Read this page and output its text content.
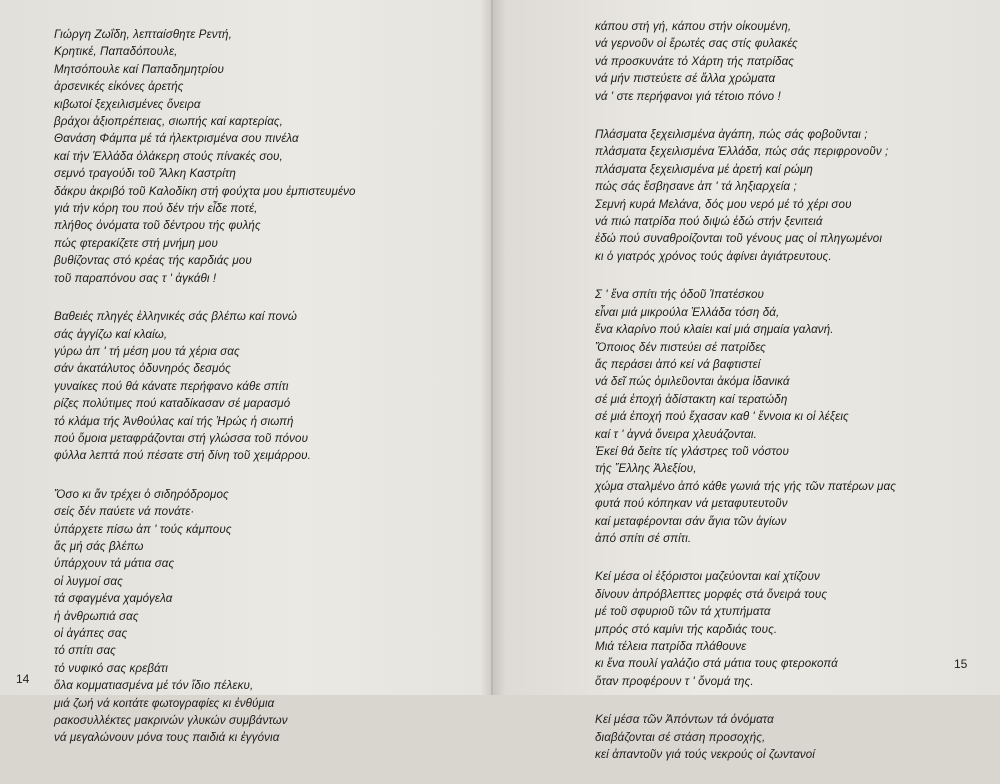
Γιώργη Ζωΐδη, λεπταίσθητε Ρεντή,
Κρητικέ, Παπαδόπουλε,
Μητσόπουλε καί Παπαδημητρίου
ἀρσενικές εἰκόνες ἀρετής
κιβωτοί ξεχειλισμένες ὄνειρα
βράχοι ἀξιοπρέπειας, σιωπής καί καρτερίας,
Θανάση Φάμπα μέ τά ἠλεκτρισμένα σου πινέλα
καί τήν Ἑλλάδα ὁλάκερη στούς πίνακές σου,
σεμνό τραγούδι τοῦ Ἄλκη Καστρίτη
δάκρυ ἀκριβό τοῦ Καλοδίκη στή φούχτα μου ἐμπιστευμένο
γιά τήν κόρη του πού δέν τήν εἶδε ποτέ,
πλήθος ὀνόματα τοῦ δέντρου τής φυλής
πώς φτερακίζετε στή μνήμη μου
βυθίζοντας στό κρέας τής καρδιάς μου
τοῦ παραπόνου σας τ ' ἀγκάθι !
Βαθειές πληγές ἑλληνικές σάς βλέπω καί πονώ
σάς ἀγγίζω καί κλαίω,
γύρω ἀπ ' τή μέση μου τά χέρια σας
σάν ἀκατάλυτος ὀδυνηρός δεσμός
γυναίκες πού θά κάνατε περήφανο κάθε σπίτι
ρίζες πολύτιμες πού καταδίκασαν σέ μαρασμό
τό κλάμα τής Ἀνθούλας καί τής Ἡρώς ἡ σιωπή
πού ὅμοια μεταφράζονται στή γλώσσα τοῦ πόνου
φύλλα λεπτά πού πέσατε στή δίνη τοῦ χειμάρρου.
Ὅσο κι ἄν τρέχει ὁ σιδηρόδρομος
σείς δέν παύετε νά πονάτε·
ὑπάρχετε πίσω ἀπ ' τούς κάμπους
ἄς μή σάς βλέπω
ὑπάρχουν τά μάτια σας
οἱ λυγμοί σας
τά σφαγμένα χαμόγελα
ἡ ἀνθρωπιά σας
οἱ ἀγάπες σας
τό σπίτι σας
τό νυφικό σας κρεβάτι
ὅλα κομματιασμένα μέ τόν ἴδιο πέλεκυ,
μιά ζωή νά κοιτάτε φωτογραφίες κι ἐνθύμια
ρακοσυλλέκτες μακρινών γλυκών συμβάντων
νά μεγαλώνουν μόνα τους παιδιά κι ἐγγόνια
14
κάπου στή γή, κάπου στήν οἰκουμένη,
νά γερνοῦν οἱ ἔρωτές σας στίς φυλακές
νά προσκυνάτε τό Χάρτη τής πατρίδας
νά μήν πιστεύετε σέ ἄλλα χρώματα
νά ' στε περήφανοι γιά τέτοιο πόνο !
Πλάσματα ξεχειλισμένα ἀγάπη, πώς σάς φοβοῦνται ;
πλάσματα ξεχειλισμένα Ἑλλάδα, πώς σάς περιφρονοῦν ;
πλάσματα ξεχειλισμένα μέ ἀρετή καί ρώμη
πώς σάς ἔσβησανε ἀπ ' τά ληξιαρχεία ;
Σεμνή κυρά Μελάνα, δός μου νερό μέ τό χέρι σου
νά πιώ πατρίδα πού διψώ ἐδώ στήν ξενιτειά
ἐδώ πού συναθροίζονται τοῦ γένους μας οἱ πληγωμένοι
κι ὁ γιατρός χρόνος τούς ἀφίνει ἀγιάτρευτους.
Σ ' ἕνα σπίτι τής ὁδοῦ Ἱπατέσκου
εἶναι μιά μικρούλα Ἑλλάδα τόση δά,
ἕνα κλαρίνο πού κλαίει καί μιά σημαία γαλανή.
Ὅποιος δέν πιστεύει σέ πατρίδες
ἄς περάσει ἀπό κεί νά βαφτιστεί
νά δεῖ πώς ὁμιλεῦονται ἀκόμα ἰδανικά
σέ μιά ἐποχή ἀδίστακτη καί τερατώδη
σέ μιά ἐποχή πού ἔχασαν καθ ' ἔννοια κι οἱ λέξεις
καί τ ' ἁγνά ὄνειρα χλευάζονται.
Ἐκεί θά δείτε τίς γλάστρες τοῦ νόστου
τής Ἕλλης Ἀλεξίου,
χώμα σταλμένο ἀπό κάθε γωνιά τής γής τῶν πατέρων μας
φυτά πού κόπηκαν νά μεταφυτευτοῦν
καί μεταφέρονται σάν ἅγια τῶν ἁγίων
ἀπό σπίτι σέ σπίτι.
Κεί μέσα οἱ ἐξόριστοι μαζεύονται καί χτίζουν
δίνουν ἀπρόβλεπτες μορφές στά ὄνειρά τους
μέ τοῦ σφυριοῦ τῶν τά χτυπήματα
μπρός στό καμίνι τής καρδιάς τους.
Μιά τέλεια πατρίδα πλάθουνε
κι ἕνα πουλί γαλάζιο στά μάτια τους φτεροκοπά
ὅταν προφέρουν τ ' ὄνομά της.
Κεί μέσα τῶν Ἀπόντων τά ὀνόματα
διαβάζονται σέ στάση προσοχής,
κεί ἀπαντοῦν γιά τούς νεκρούς οἱ ζωντανοί
15
